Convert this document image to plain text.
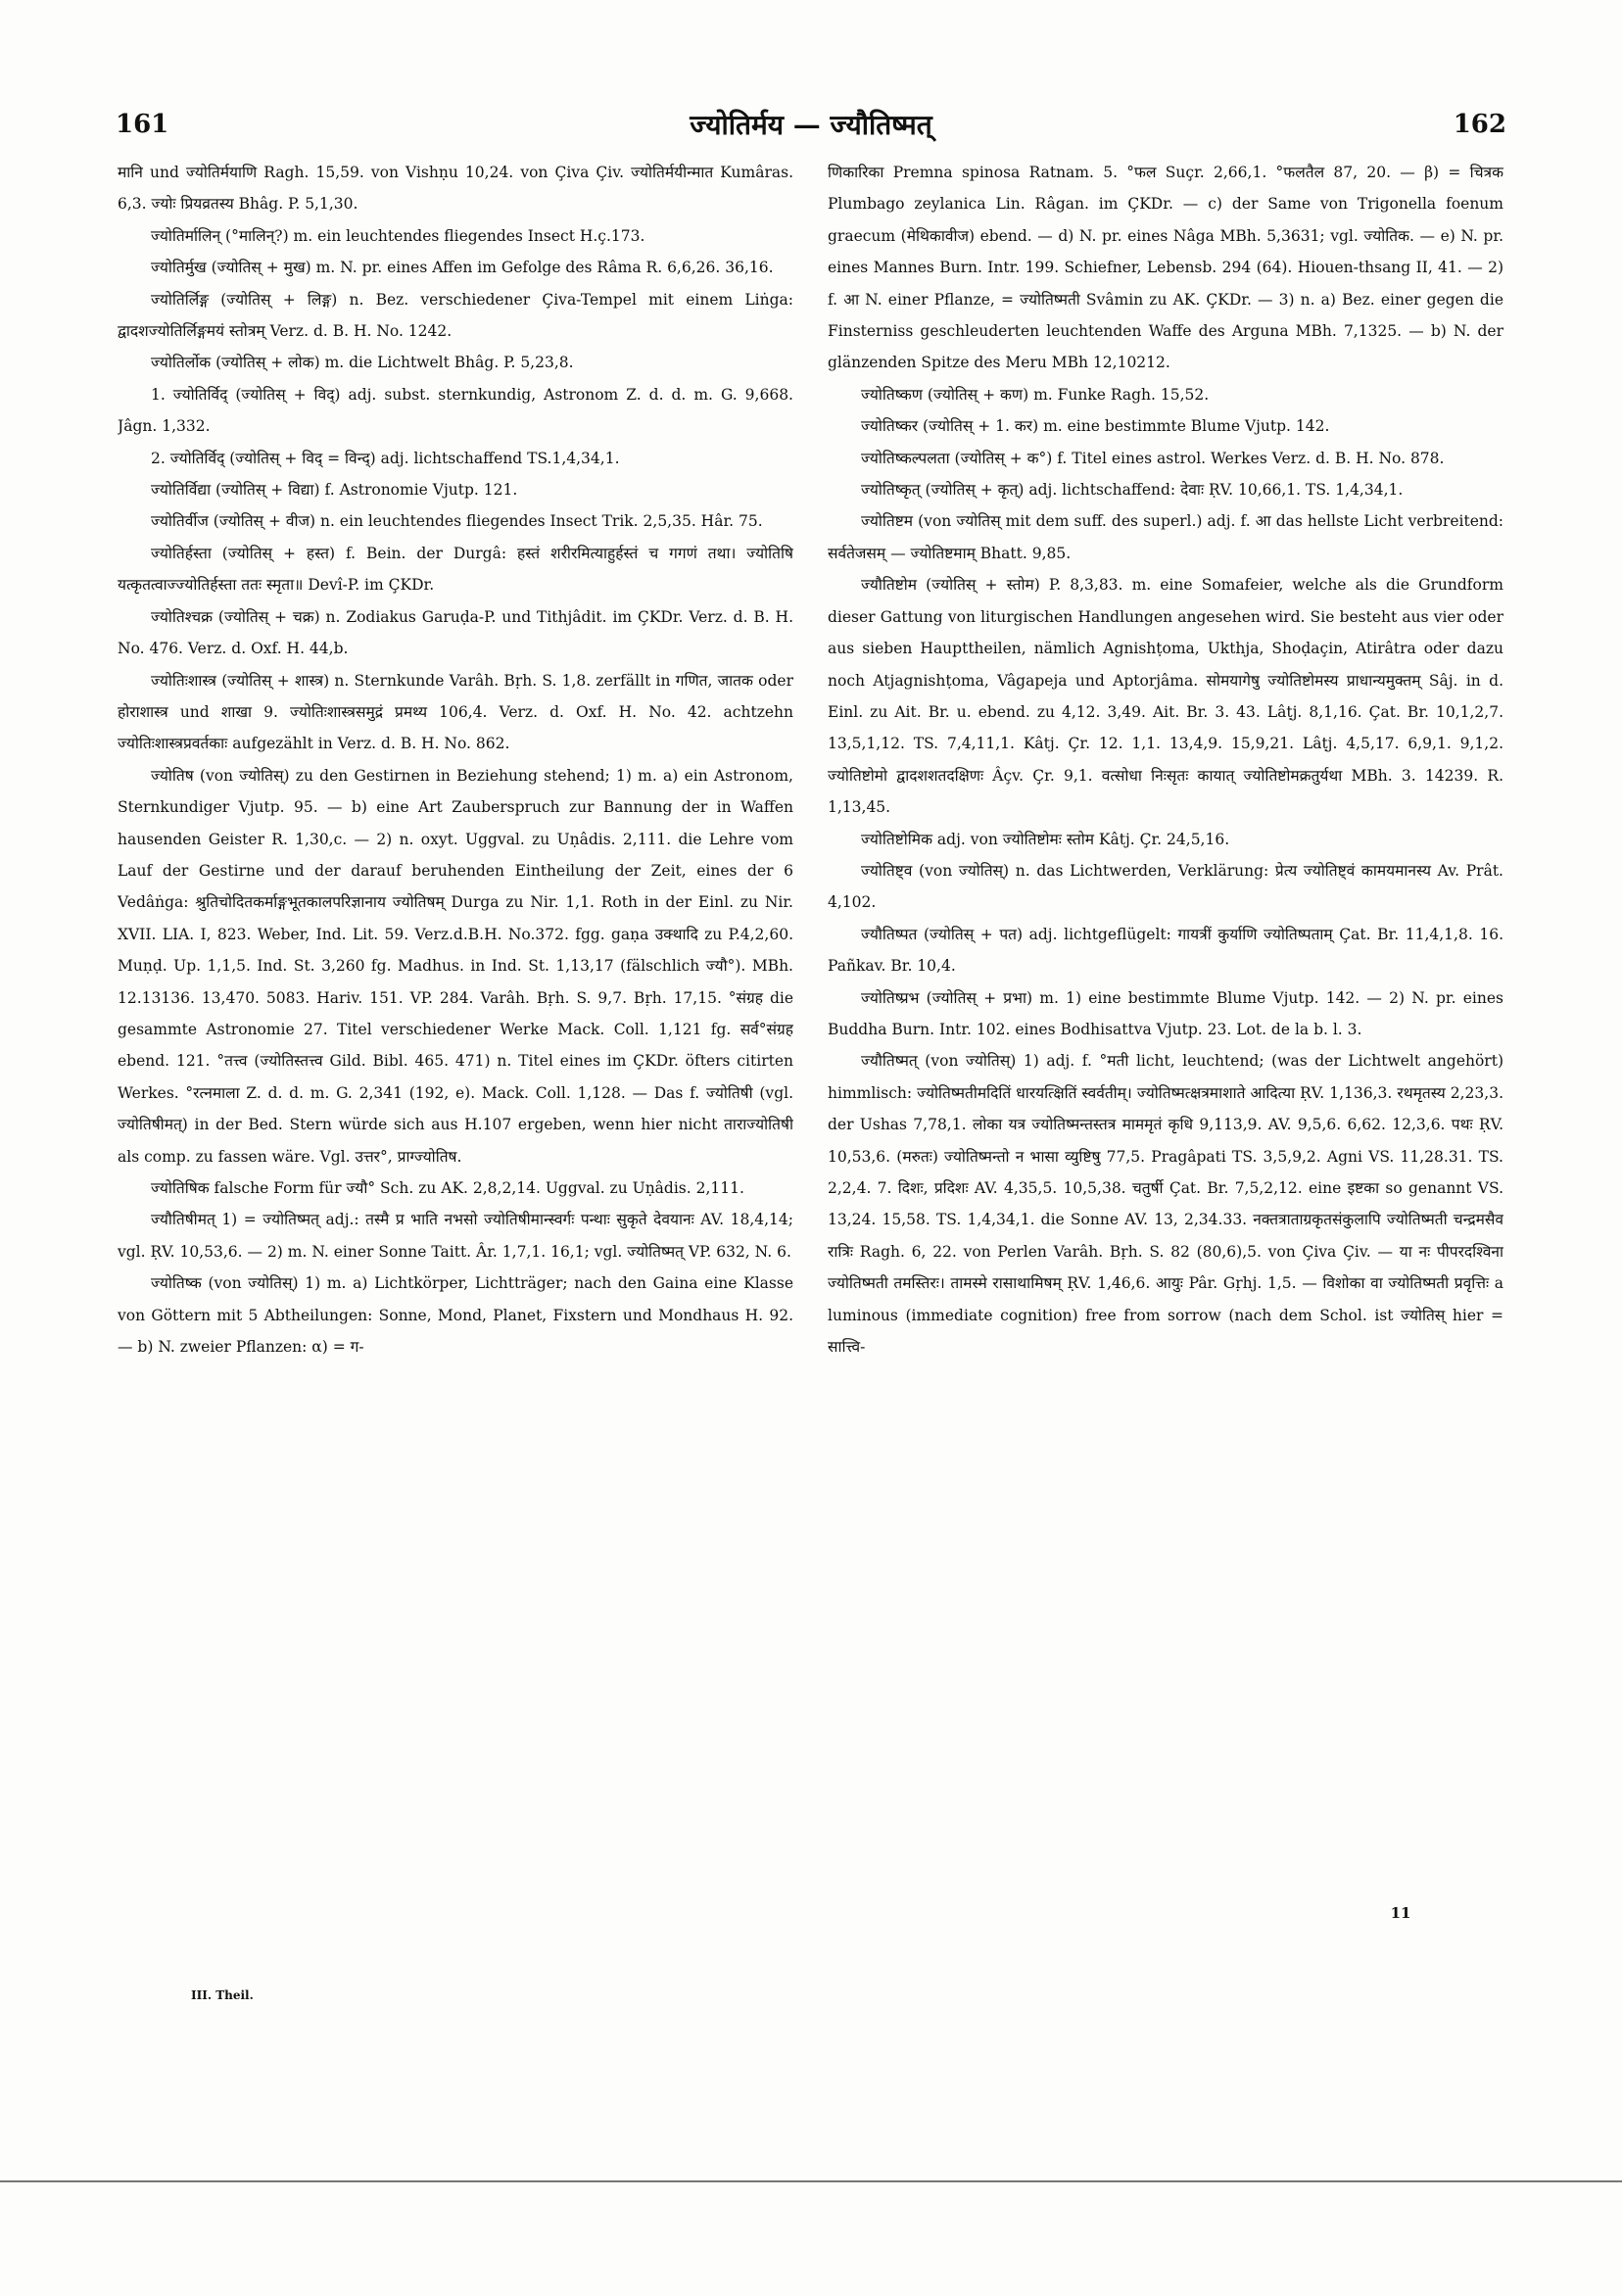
161	ज्योतिर्मय — ज्यौतिष्मत्	162

मानि und ज्योतिर्मयाणि Ragh. 15,59. von Vishṇu 10,24. von Çiva Çiv. ज्योतिर्मयीन्मात Kumâras. 6,3. ज्योः प्रियव्रतस्य Bhâg. P. 5,1,30.

ज्योतिर्मालिन् (°मालिन्?) m. ein leuchtendes fliegendes Insect H.ç.173.

ज्योतिर्मुख (ज्योतिस् + मुख) m. N. pr. eines Affen im Gefolge des Râma R. 6,6,26. 36,16.

ज्योतिर्लिङ्ग (ज्योतिस् + लिङ्ग) n. Bez. verschiedener Çiva-Tempel mit einem Liṅga: द्वादशज्योतिर्लिङ्गमयं स्तोत्रम् Verz. d. B. H. No. 1242.

ज्योतिर्लोक (ज्योतिस् + लोक) m. die Lichtwelt Bhâg. P. 5,23,8.

1. ज्योतिर्विद् (ज्योतिस् + विद्) adj. subst. sternkundig, Astronom Z. d. d. m. G. 9,668. Jâgn. 1,332.

2. ज्योतिर्विद् (ज्योतिस् + विद् = विन्द्) adj. lichtschaffend TS.1,4,34,1.

ज्योतिर्विद्या (ज्योतिस् + विद्या) f. Astronomie Vjutp. 121.

ज्योतिर्वीज (ज्योतिस् + वीज) n. ein leuchtendes fliegendes Insect Trik. 2,5,35. Hâr. 75.

ज्योतिर्हस्ता (ज्योतिस् + हस्त) f. Bein. der Durgâ: हस्तं शरीरमित्याहुर्हस्तं च गगणं तथा। ज्योतिषि यत्कृतत्वाज्ज्योतिर्हस्ता ततः स्मृता॥ Devî-P. im ÇKDr.

ज्योतिश्चक्र (ज्योतिस् + चक्र) n. Zodiakus Garuḍa-P. und Tithjâdit. im ÇKDr. Verz. d. B. H. No. 476. Verz. d. Oxf. H. 44,b.

ज्योतिःशास्त्र (ज्योतिस् + शास्त्र) n. Sternkunde Varâh. Bṛh. S. 1,8. zerfällt in गणित, जातक oder होराशास्त्र und शाखा 9. ज्योतिःशास्त्रसमुद्रं प्रमथ्य 106,4. Verz. d. Oxf. H. No. 42. achtzehn ज्योतिःशास्त्रप्रवर्तकाः aufgezählt in Verz. d. B. H. No. 862.

ज्योतिष (von ज्योतिस्) zu den Gestirnen in Beziehung stehend; 1) m. a) ein Astronom, Sternkundiger Vjutp. 95. — b) eine Art Zauberspruch zur Bannung der in Waffen hausenden Geister R. 1,30,c. — 2) n. oxyt. Uggval. zu Uṇâdis. 2,111. die Lehre vom Lauf der Gestirne und der darauf beruhenden Eintheilung der Zeit, eines der 6 Vedâṅga: श्रुतिचोदितकर्माङ्गभूतकालपरिज्ञानाय ज्योतिषम् Durga zu Nir. 1,1. Roth in der Einl. zu Nir. XVII. LIA. I, 823. Weber, Ind. Lit. 59. Verz.d.B.H. No.372. fgg. gaṇa उक्थादि zu P.4,2,60. Muṇḍ. Up. 1,1,5. Ind. St. 3,260 fg. Madhus. in Ind. St. 1,13,17 (fälschlich ज्यौ°). MBh. 12.13136. 13,470. 5083. Hariv. 151. VP. 284. Varâh. Bṛh. S. 9,7. Bṛh. 17,15. °संग्रह die gesammte Astronomie 27. Titel verschiedener Werke Mack. Coll. 1,121 fg. सर्व°संग्रह ebend. 121. °तत्त्व (ज्योतिस्तत्त्व Gild. Bibl. 465. 471) n. Titel eines im ÇKDr. öfters citirten Werkes. °रत्नमाला Z. d. d. m. G. 2,341 (192, e). Mack. Coll. 1,128. — Das f. ज्योतिषी (vgl. ज्योतिषीमत्) in der Bed. Stern würde sich aus H.107 ergeben, wenn hier nicht ताराज्योतिषी als comp. zu fassen wäre. Vgl. उत्तर°, प्राग्ज्योतिष.

ज्योतिषिक falsche Form für ज्यौ° Sch. zu AK. 2,8,2,14. Uggval. zu Uṇâdis. 2,111.

ज्यौतिषीमत् 1) = ज्योतिष्मत् adj.: तस्मै प्र भाति नभसो ज्योतिषीमान्स्वर्गः पन्थाः सुकृते देवयानः AV. 18,4,14; vgl. ṚV. 10,53,6. — 2) m. N. einer Sonne Taitt. Âr. 1,7,1. 16,1; vgl. ज्योतिष्मत् VP. 632, N. 6.

ज्योतिष्क (von ज्योतिस्) 1) m. a) Lichtkörper, Lichtträger; nach den Gaina eine Klasse von Göttern mit 5 Abtheilungen: Sonne, Mond, Planet, Fixstern und Mondhaus H. 92. — b) N. zweier Pflanzen: α) = ग-

णिकारिका Premna spinosa Ratnam. 5. °फल Suçr. 2,66,1. °फलतैल 87, 20. — β) = चित्रक Plumbago zeylanica Lin. Râgan. im ÇKDr. — c) der Same von Trigonella foenum graecum (मेथिकावीज) ebend. — d) N. pr. eines Nâga MBh. 5,3631; vgl. ज्योतिक. — e) N. pr. eines Mannes Burn. Intr. 199. Schiefner, Lebensb. 294 (64). Hiouen-thsang II, 41. — 2) f. आ N. einer Pflanze, = ज्योतिष्मती Svâmin zu AK. ÇKDr. — 3) n. a) Bez. einer gegen die Finsterniss geschleuderten leuchtenden Waffe des Arguna MBh. 7,1325. — b) N. der glänzenden Spitze des Meru MBh 12,10212.

ज्योतिष्कण (ज्योतिस् + कण) m. Funke Ragh. 15,52.

ज्योतिष्कर (ज्योतिस् + 1. कर) m. eine bestimmte Blume Vjutp. 142.

ज्योतिष्कल्पलता (ज्योतिस् + क°) f. Titel eines astrol. Werkes Verz. d. B. H. No. 878.

ज्योतिष्कृत् (ज्योतिस् + कृत्) adj. lichtschaffend: देवाः ṚV. 10,66,1. TS. 1,4,34,1.

ज्योतिष्टम (von ज्योतिस् mit dem suff. des superl.) adj. f. आ das hellste Licht verbreitend: सर्वतेजसम् — ज्योतिष्टमाम् Bhatt. 9,85.

ज्यौतिष्टोम (ज्योतिस् + स्तोम) P. 8,3,83. m. eine Somafeier, welche als die Grundform dieser Gattung von liturgischen Handlungen angesehen wird. Sie besteht aus vier oder aus sieben Haupttheilen, nämlich Agnishṭoma, Ukthja, Shoḍaçin, Atirâtra oder dazu noch Atjagnishṭoma, Vâgapeja und Aptorjâma. सोमयागेषु ज्योतिष्टोमस्य प्राधान्यमुक्तम् Sâj. in d. Einl. zu Ait. Br. u. ebend. zu 4,12. 3,49. Ait. Br. 3. 43. Lâṭj. 8,1,16. Çat. Br. 10,1,2,7. 13,5,1,12. TS. 7,4,11,1. Kâtj. Çr. 12. 1,1. 13,4,9. 15,9,21. Lâṭj. 4,5,17. 6,9,1. 9,1,2. ज्योतिष्टोमो द्वादशशतदक्षिणः Âçv. Çr. 9,1. वत्सोधा निःसृतः कायात् ज्योतिष्टोमक्रतुर्यथा MBh. 3. 14239. R. 1,13,45.

ज्योतिष्टोमिक adj. von ज्योतिष्टोमः स्तोम Kâtj. Çr. 24,5,16.

ज्योतिष्ट्व (von ज्योतिस्) n. das Lichtwerden, Verklärung: प्रेत्य ज्योतिष्ट्वं कामयमानस्य Av. Prât. 4,102.

ज्यौतिष्पत (ज्योतिस् + पत) adj. lichtgeflügelt: गायत्रीं कुर्याणि ज्योतिष्पताम् Çat. Br. 11,4,1,8. 16. Pañkav. Br. 10,4.

ज्योतिष्प्रभ (ज्योतिस् + प्रभा) m. 1) eine bestimmte Blume Vjutp. 142. — 2) N. pr. eines Buddha Burn. Intr. 102. eines Bodhisattva Vjutp. 23. Lot. de la b. l. 3.

ज्यौतिष्मत् (von ज्योतिस्) 1) adj. f. °मती licht, leuchtend; (was der Lichtwelt angehört) himmlisch: ज्योतिष्मतीमदितिं धारयत्क्षितिं स्वर्वतीम्। ज्योतिष्मत्क्षत्रमाशाते आदित्या ṚV. 1,136,3. रथमृतस्य 2,23,3. der Ushas 7,78,1. लोका यत्र ज्योतिष्मन्तस्तत्र माममृतं कृधि 9,113,9. AV. 9,5,6. 6,62. 12,3,6. पथः ṚV. 10,53,6. (मरुतः) ज्योतिष्मन्तो न भासा व्युष्टिषु 77,5. Pragâpati TS. 3,5,9,2. Agni VS. 11,28.31. TS. 2,2,4. 7. दिशः, प्रदिशः AV. 4,35,5. 10,5,38. चतुर्षी Çat. Br. 7,5,2,12. eine इष्टका so genannt VS. 13,24. 15,58. TS. 1,4,34,1. die Sonne AV. 13, 2,34.33. नक्तत्राताग्रकृतसंकुलापि ज्योतिष्मती चन्द्रमसैव रात्रिः Ragh. 6, 22. von Perlen Varâh. Bṛh. S. 82 (80,6),5. von Çiva Çiv. — या नः पीपरदश्विना ज्योतिष्मती तमस्तिरः। तामस्मे रासाथामिषम् ṚV. 1,46,6. आयुः Pâr. Gṛhj. 1,5. — विशोका वा ज्योतिष्मती प्रवृत्तिः a luminous (immediate cognition) free from sorrow (nach dem Schol. ist ज्योतिस् hier = सात्त्वि-

III. Theil.
11
